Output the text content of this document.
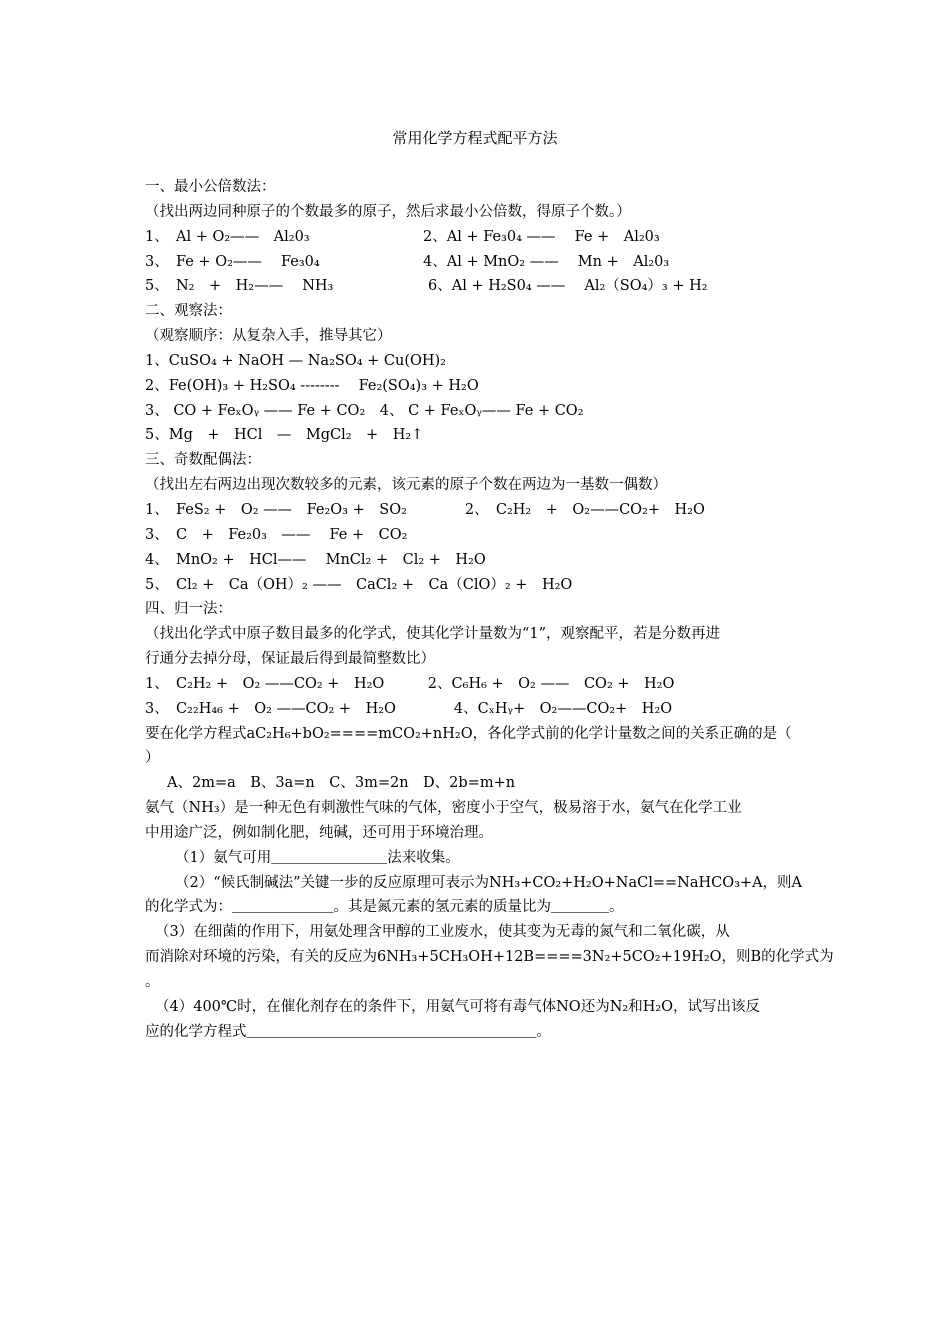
常用化学方程式配平方法
一、最小公倍数法：
（找出两边同种原子的个数最多的原子，然后求最小公倍数，得原子个数。）
1、　Al + O₂——　Al₂0₃	2、Al + Fe₃0₄ ——　 Fe +　Al₂0₃
3、　Fe + O₂——　 Fe₃0₄	4、Al + MnO₂ ——　 Mn +　Al₂0₃
5、　N₂　+　H₂——　 NH₃	6、Al + H₂S0₄ ——　 Al₂（SO₄）₃ + H₂
二、观察法：
（观察顺序：从复杂入手，推导其它）
1、CuSO₄ + NaOH — Na₂SO₄ + Cu(OH)₂
2、Fe(OH)₃ + H₂SO₄ --------　 Fe₂(SO₄)₃ + H₂O
3、 CO + FeₓOᵧ —— Fe + CO₂　4、 C + FeₓOᵧ—— Fe + CO₂
5、Mg　+　HCl　—　MgCl₂　+　H₂↑
三、奇数配偶法：
（找出左右两边出现次数较多的元素，该元素的原子个数在两边为一基数一偶数）
1、　FeS₂ +　O₂ ——　Fe₂O₃ +　SO₂　　　　2、　C₂H₂　+　O₂——CO₂+　H₂O
3、　C　+　Fe₂0₃　——　 Fe +　CO₂
4、　MnO₂ +　HCl——　 MnCl₂ +　Cl₂ +　H₂O
5、　Cl₂ +　Ca（OH）₂ ——　CaCl₂ +　Ca（ClO）₂ +　H₂O
四、归一法：
（找出化学式中原子数目最多的化学式，使其化学计量数为“1”，观察配平，若是分数再进
行通分去掉分母，保证最后得到最简整数比）
1、　C₂H₂ +　O₂ ——CO₂ +　H₂O　　　2、C₆H₆ +　O₂ ——　CO₂ +　H₂O
3、　C₂₂H₄₆ +　O₂ ——CO₂ +　H₂O　　　　4、CₓHᵧ+　O₂——CO₂+　H₂O
要在化学方程式aC₂H₆+bO₂====mCO₂+nH₂O，各化学式前的化学计量数之间的关系正确的是（
）
A、2m=a　B、3a=n　C、3m=2n　D、2b=m+n
氨气（NH₃）是一种无色有刺激性气味的气体，密度小于空气，极易溶于水，氨气在化学工业
中用途广泛，例如制化肥，纯碱，还可用于环境治理。
（1）氨气可用＿＿＿＿＿＿＿＿法来收集。
（2）“候氏制碱法”关键一步的反应原理可表示为NH₃+CO₂+H₂O+NaCl==NaHCO₃+A，则A
的化学式为：＿＿＿＿＿＿＿。其是氮元素的氢元素的质量比为＿＿＿＿。
（3）在细菌的作用下，用氨处理含甲醇的工业废水，使其变为无毒的氮气和二氧化碳，从
而消除对环境的污染，有关的反应为6NH₃+5CH₃OH+12B====3N₂+5CO₂+19H₂O，则B的化学式为
。
（4）400℃时，在催化剂存在的条件下，用氨气可将有毒气体NO还为N₂和H₂O，试写出该反
应的化学方程式＿＿＿＿＿＿＿＿＿＿＿＿＿＿＿＿＿＿＿＿。
